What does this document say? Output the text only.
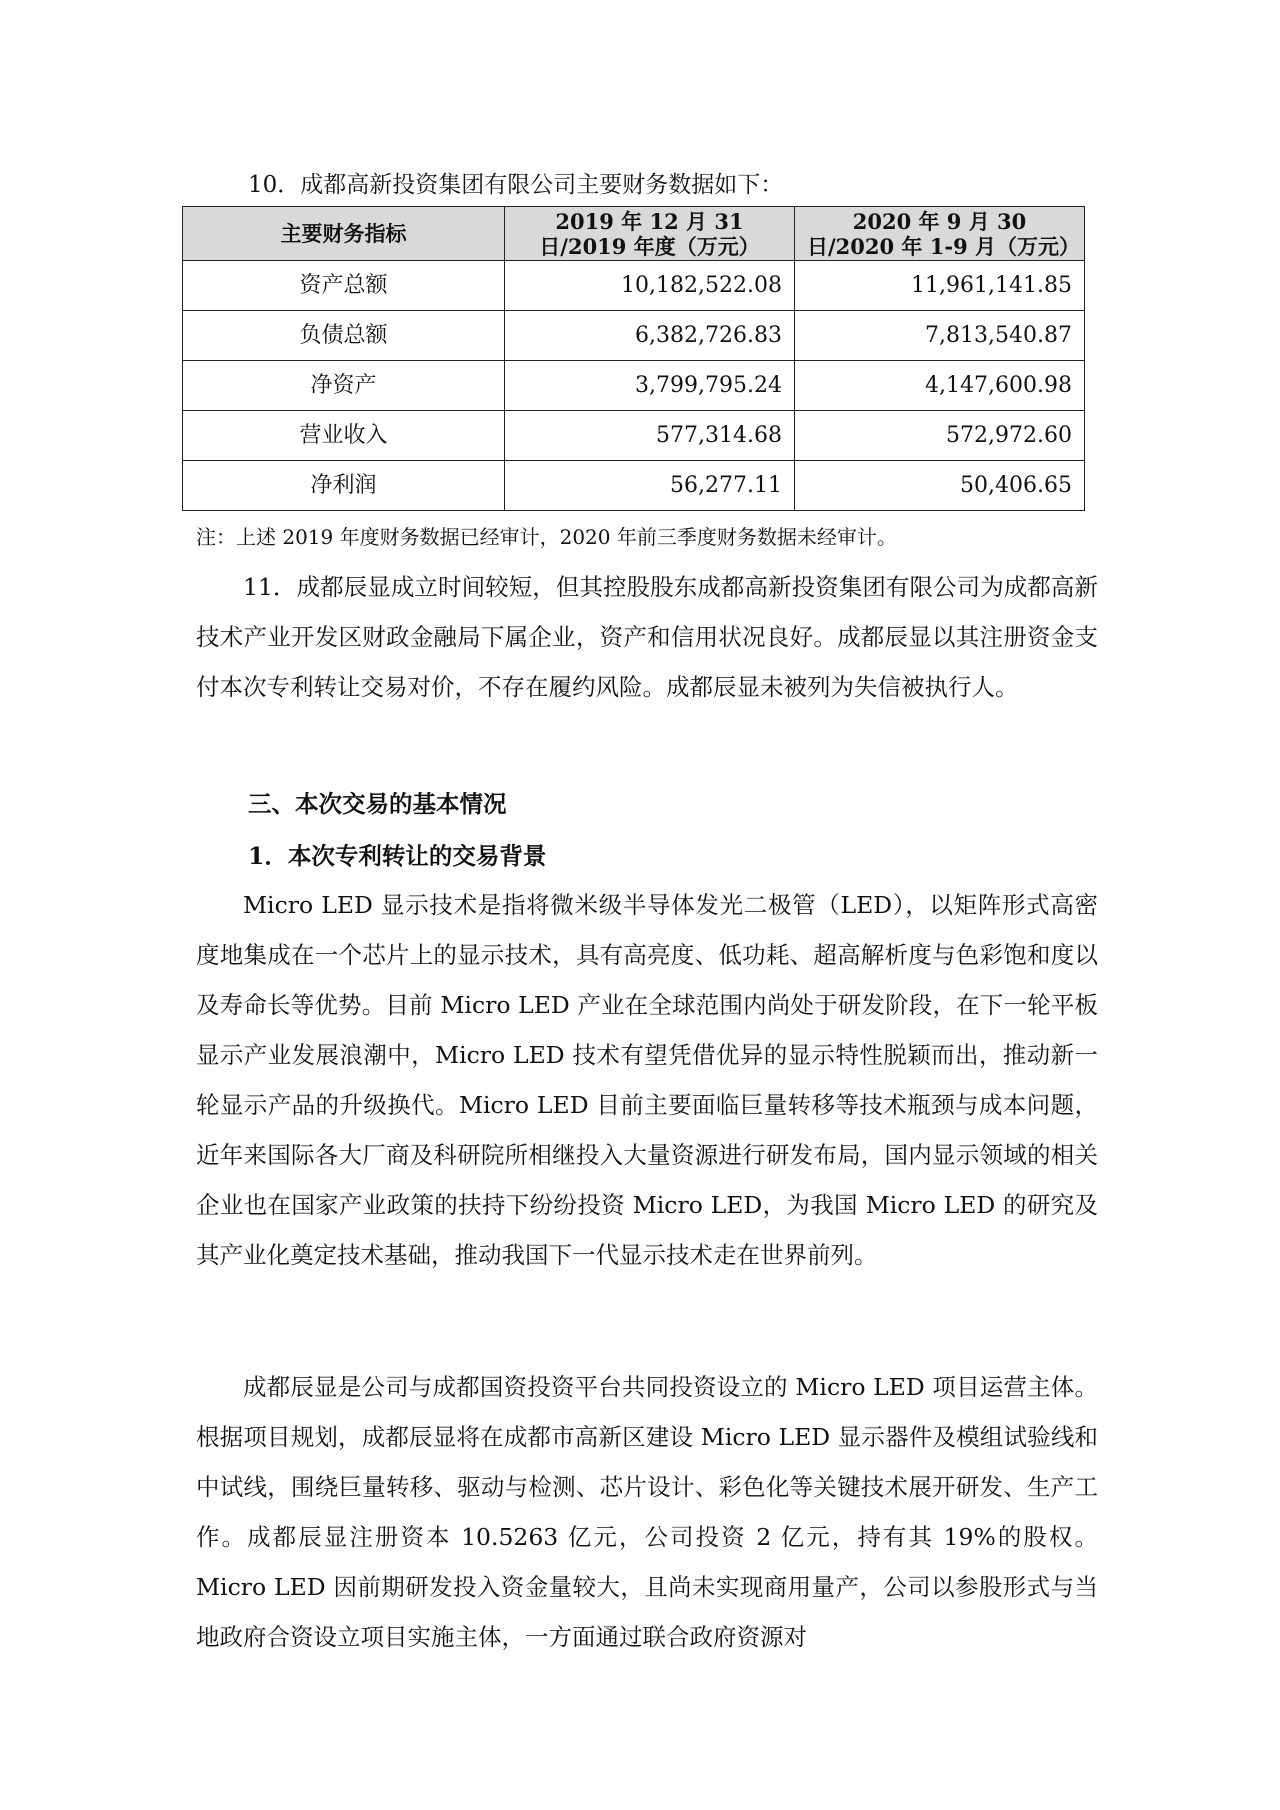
10．成都高新投资集团有限公司主要财务数据如下：
主要财务指标	2019 年 12 月 31 日/2019 年度（万元）	2020 年 9 月 30 日/2020 年 1-9 月（万元）
资产总额	10,182,522.08	11,961,141.85
负债总额	6,382,726.83	7,813,540.87
净资产	3,799,795.24	4,147,600.98
营业收入	577,314.68	572,972.60
净利润	56,277.11	50,406.65
注：上述 2019 年度财务数据已经审计，2020 年前三季度财务数据未经审计。
11．成都辰显成立时间较短，但其控股股东成都高新投资集团有限公司为成都高新技术产业开发区财政金融局下属企业，资产和信用状况良好。成都辰显以其注册资金支付本次专利转让交易对价，不存在履约风险。成都辰显未被列为失信被执行人。
三、本次交易的基本情况
1．本次专利转让的交易背景
Micro LED 显示技术是指将微米级半导体发光二极管（LED），以矩阵形式高密度地集成在一个芯片上的显示技术，具有高亮度、低功耗、超高解析度与色彩饱和度以及寿命长等优势。目前 Micro LED 产业在全球范围内尚处于研发阶段，在下一轮平板显示产业发展浪潮中，Micro LED 技术有望凭借优异的显示特性脱颖而出，推动新一轮显示产品的升级换代。Micro LED 目前主要面临巨量转移等技术瓶颈与成本问题，近年来国际各大厂商及科研院所相继投入大量资源进行研发布局，国内显示领域的相关企业也在国家产业政策的扶持下纷纷投资 Micro LED，为我国 Micro LED 的研究及其产业化奠定技术基础，推动我国下一代显示技术走在世界前列。
成都辰显是公司与成都国资投资平台共同投资设立的 Micro LED 项目运营主体。根据项目规划，成都辰显将在成都市高新区建设 Micro LED 显示器件及模组试验线和中试线，围绕巨量转移、驱动与检测、芯片设计、彩色化等关键技术展开研发、生产工作。成都辰显注册资本 10.5263 亿元，公司投资 2 亿元，持有其 19%的股权。Micro LED 因前期研发投入资金量较大，且尚未实现商用量产，公司以参股形式与当地政府合资设立项目实施主体，一方面通过联合政府资源对
